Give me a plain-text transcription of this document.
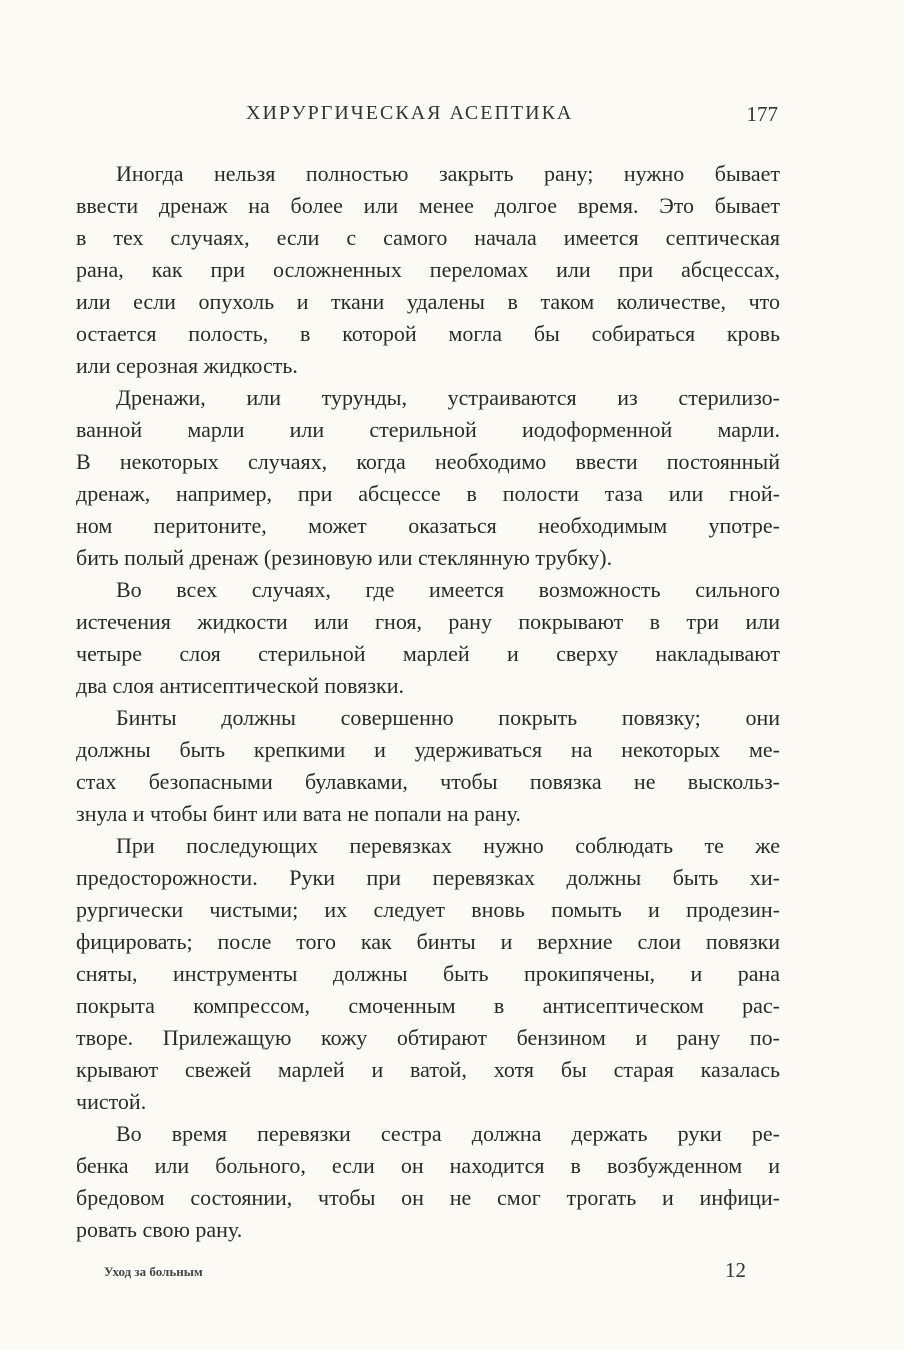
ХИРУРГИЧЕСКАЯ АСЕПТИКА	177
Иногда нельзя полностью закрыть рану; нужно бывает
ввести дренаж на более или менее долгое время. Это бывает
в тех случаях, если с самого начала имеется септическая
рана, как при осложненных переломах или при абсцессах,
или если опухоль и ткани удалены в таком количестве, что
остается полость, в которой могла бы собираться кровь
или серозная жидкость.
Дренажи, или турунды, устраиваются из стерилизо-
ванной марли или стерильной иодоформенной марли.
В некоторых случаях, когда необходимо ввести постоянный
дренаж, например, при абсцессе в полости таза или гной-
ном перитоните, может оказаться необходимым употре-
бить полый дренаж (резиновую или стеклянную трубку).
Во всех случаях, где имеется возможность сильного
истечения жидкости или гноя, рану покрывают в три или
четыре слоя стерильной марлей и сверху накладывают
два слоя антисептической повязки.
Бинты должны совершенно покрыть повязку; они
должны быть крепкими и удерживаться на некоторых ме-
стах безопасными булавками, чтобы повязка не выскольз-
знула и чтобы бинт или вата не попали на рану.
При последующих перевязках нужно соблюдать те же
предосторожности. Руки при перевязках должны быть хи-
рургически чистыми; их следует вновь помыть и продезин-
фицировать; после того как бинты и верхние слои повязки
сняты, инструменты должны быть прокипячены, и рана
покрыта компрессом, смоченным в антисептическом рас-
творе. Прилежащую кожу обтирают бензином и рану по-
крывают свежей марлей и ватой, хотя бы старая казалась
чистой.
Во время перевязки сестра должна держать руки ре-
бенка или больного, если он находится в возбужденном и
бредовом состоянии, чтобы он не смог трогать и инфици-
ровать свою рану.
Уход за больным	12
